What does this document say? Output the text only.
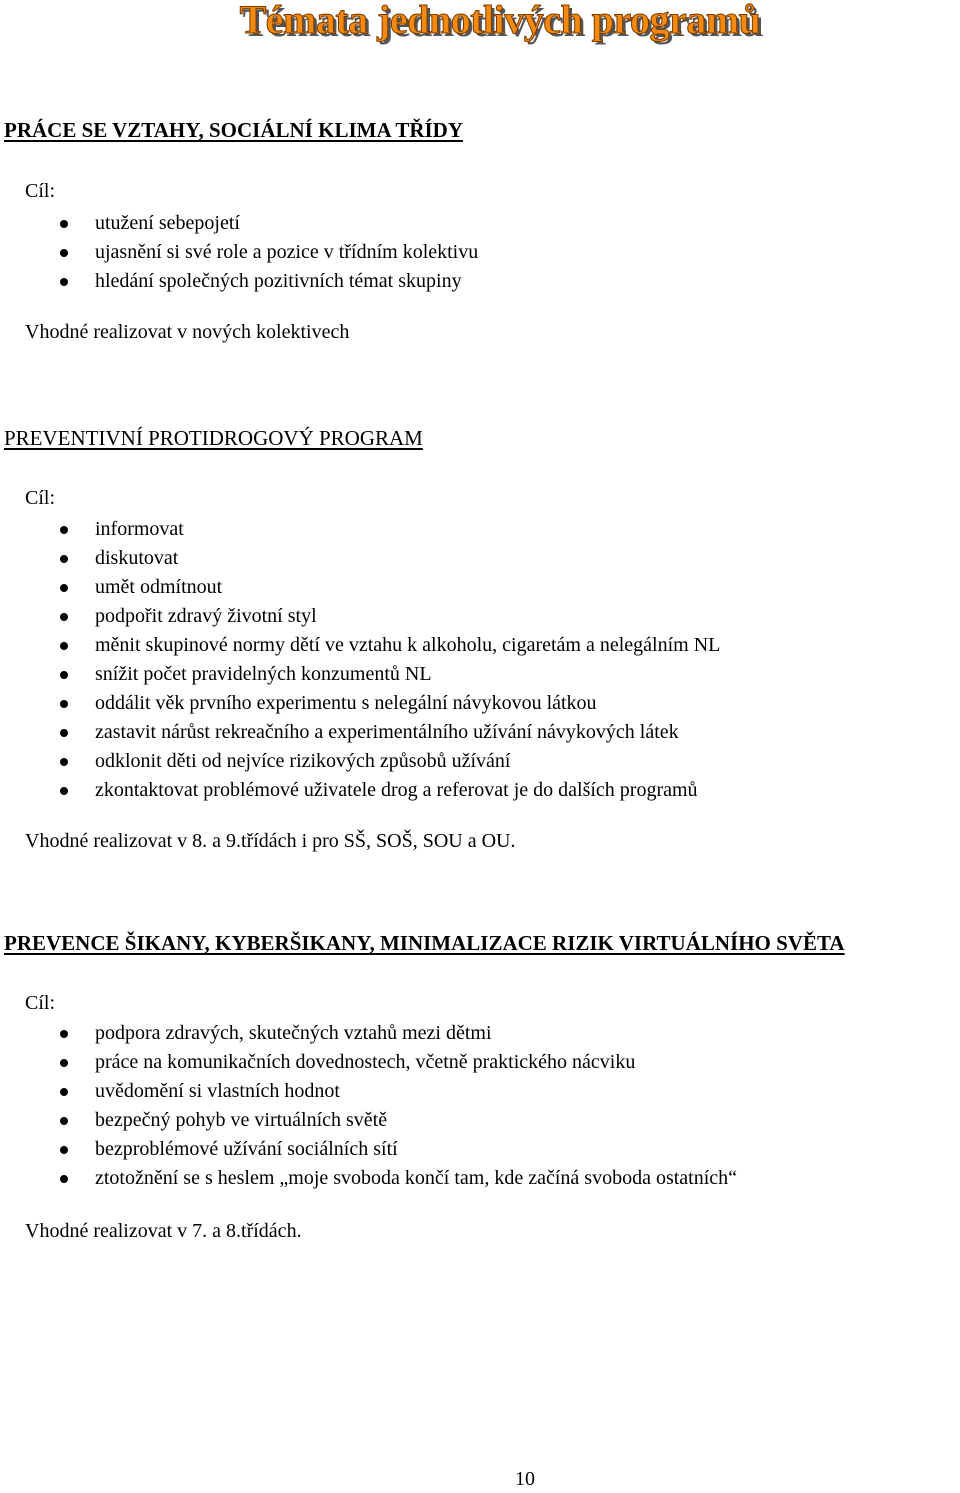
Témata jednotlivých programů
PRÁCE SE VZTAHY, SOCIÁLNÍ KLIMA TŘÍDY
Cíl:
utužení sebepojetí
ujasnění si své role a pozice v třídním kolektivu
hledání společných pozitivních témat skupiny
Vhodné realizovat v nových kolektivech
PREVENTIVNÍ PROTIDROGOVÝ PROGRAM
Cíl:
informovat
diskutovat
umět odmítnout
podpořit zdravý životní styl
měnit skupinové normy dětí ve vztahu k alkoholu, cigaretám a nelegálním NL
snížit počet pravidelných konzumentů NL
oddálit věk prvního experimentu s nelegální návykovou látkou
zastavit nárůst rekreačního a experimentálního užívání návykových látek
odklonit děti od nejvíce rizikových způsobů užívání
zkontaktovat problémové uživatele drog a referovat je do dalších programů
Vhodné realizovat v 8. a 9.třídách i pro SŠ, SOŠ, SOU a OU.
PREVENCE ŠIKANY, KYBERŠIKANY, MINIMALIZACE RIZIK VIRTUÁLNÍHO SVĚTA
Cíl:
podpora zdravých, skutečných vztahů mezi dětmi
práce na komunikačních dovednostech, včetně praktického nácviku
uvědomění si vlastních hodnot
bezpečný pohyb ve virtuálních světě
bezproblémové užívání sociálních sítí
ztotožnění se s heslem „moje svoboda končí tam, kde začíná svoboda ostatních“
Vhodné realizovat v 7. a 8.třídách.
10
